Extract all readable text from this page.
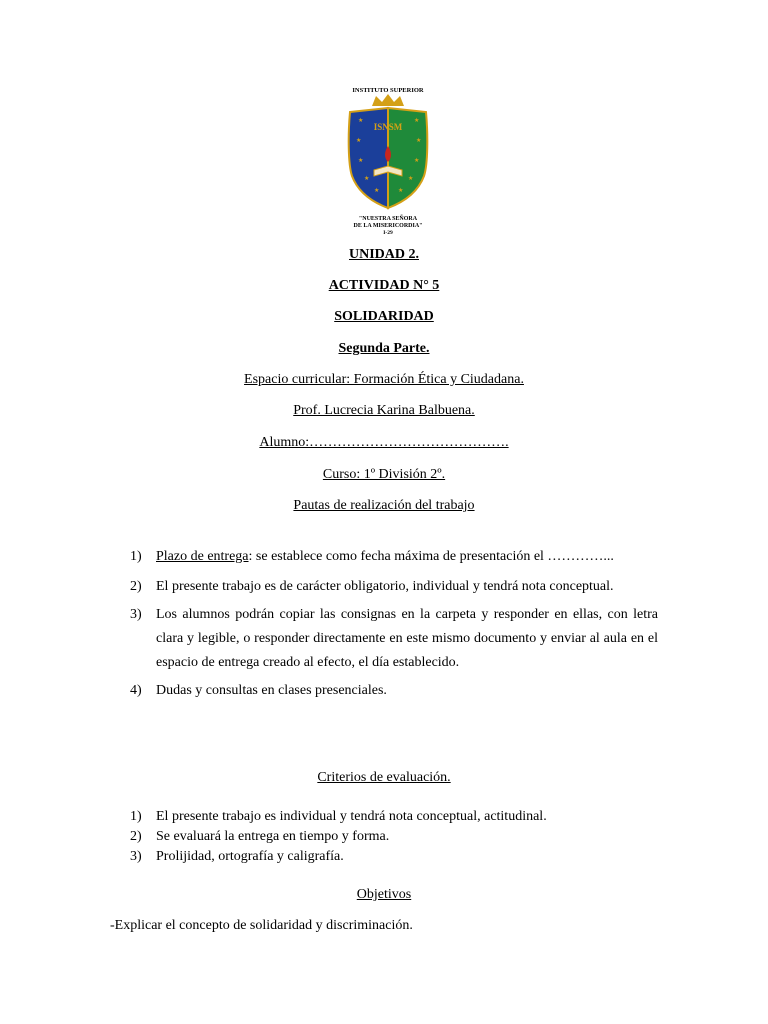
INSTITUTO SUPERIOR
ISNSM
★	★
★	★
★	★
★	★
★	★
"NUESTRA SEÑORA
DE LA MISERICORDIA"
I-29
UNIDAD 2.
ACTIVIDAD N° 5
SOLIDARIDAD
Segunda Parte.
Espacio curricular: Formación Ética y Ciudadana.
Prof. Lucrecia Karina Balbuena.
Alumno:…………………………………….
Curso: 1º División 2º.
Pautas de realización del trabajo
1) Plazo de entrega: se establece como fecha máxima de presentación el …………...
2) El presente trabajo es de carácter obligatorio, individual y tendrá nota conceptual.
3) Los alumnos podrán copiar las consignas en la carpeta y responder en ellas, con letra clara y legible, o responder directamente en este mismo documento y enviar al aula en el espacio de entrega creado al efecto, el día establecido.
4) Dudas y consultas en clases presenciales.
Criterios de evaluación.
1) El presente trabajo es individual y tendrá nota conceptual, actitudinal.
2) Se evaluará la entrega en tiempo y forma.
3) Prolijidad, ortografía y caligrafía.
Objetivos
-Explicar el concepto de solidaridad y discriminación.
